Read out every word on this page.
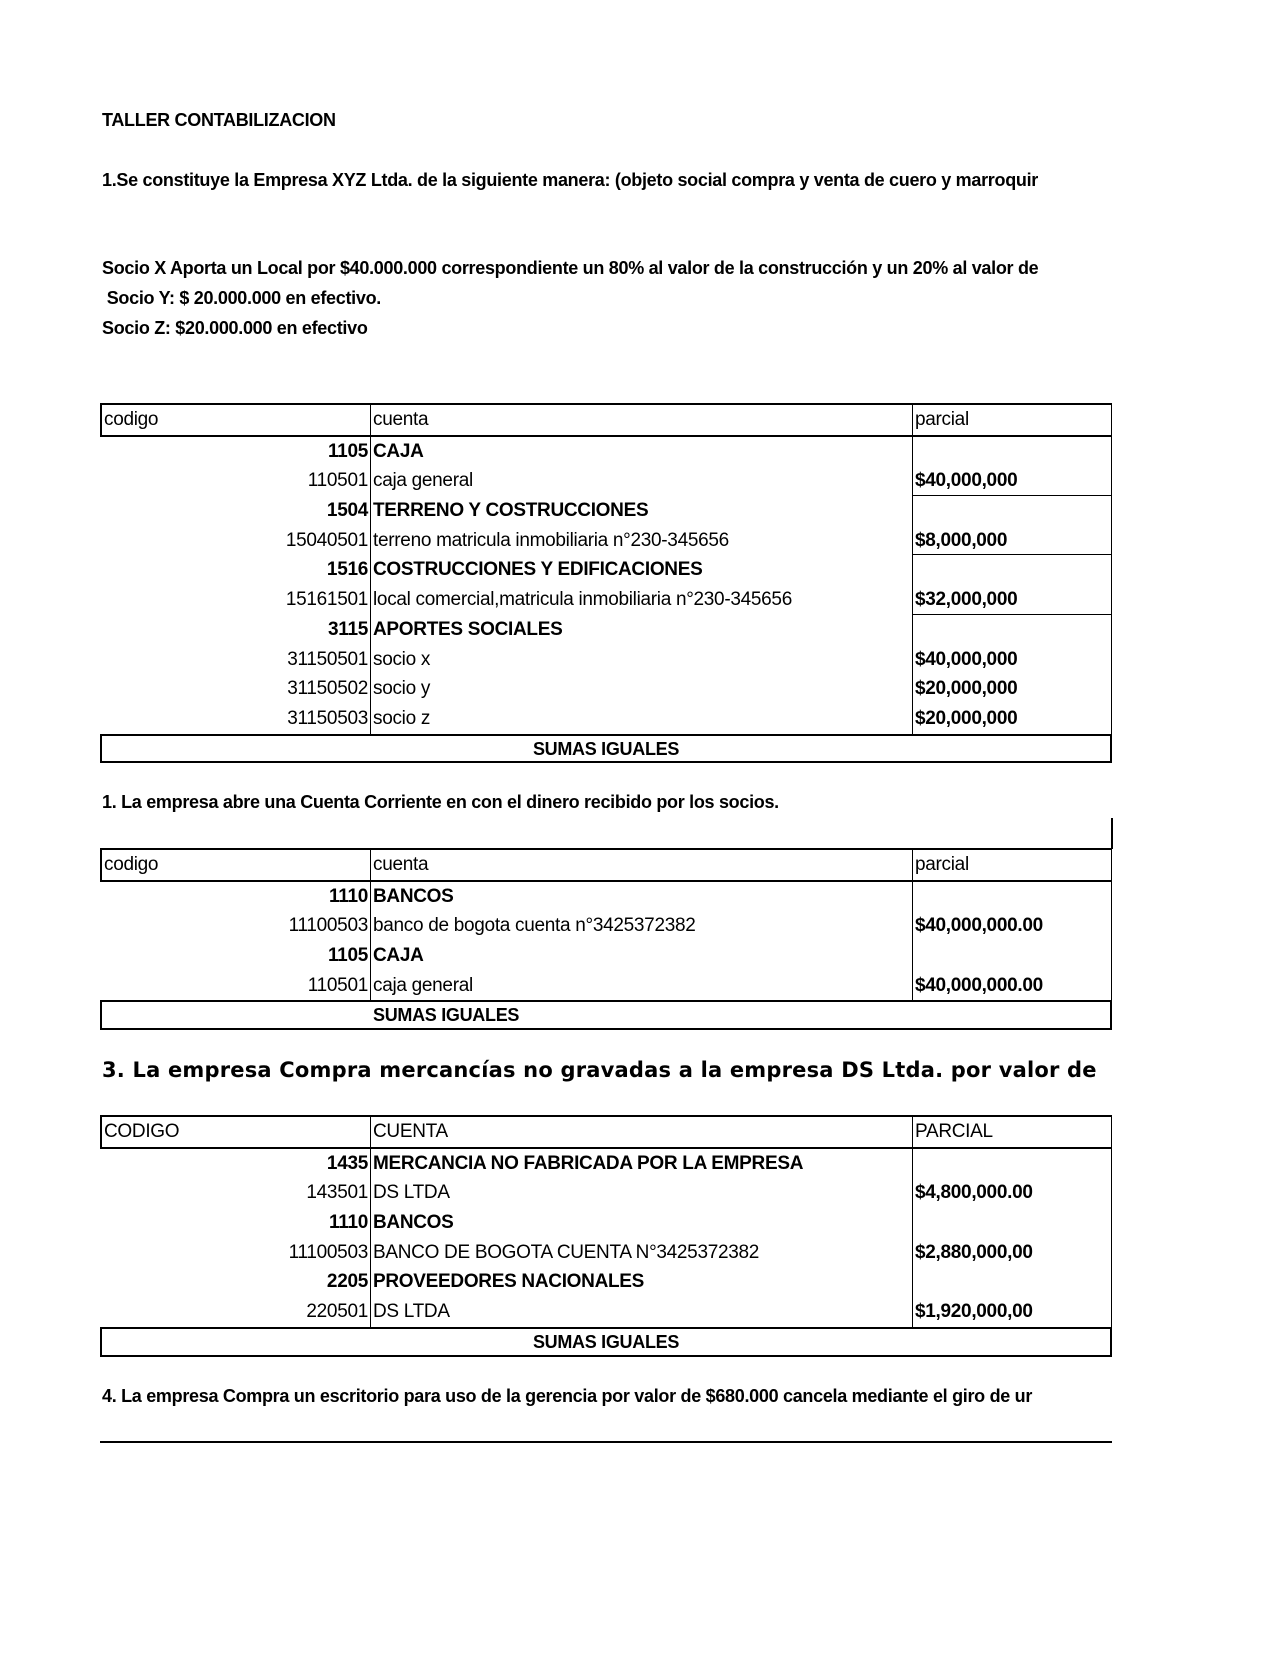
TALLER CONTABILIZACION
1.Se constituye la Empresa XYZ Ltda. de la siguiente manera: (objeto social compra y venta de cuero y marroquir
Socio X Aporta un Local por $40.000.000 correspondiente un 80% al valor de la construcción y un 20% al valor de
Socio Y: $ 20.000.000 en efectivo.
Socio Z: $20.000.000 en efectivo
codigo	cuenta	parcial
1105 CAJA
110501 caja general	$40,000,000
1504 TERRENO Y COSTRUCCIONES
15040501 terreno matricula inmobiliaria n°230-345656	$8,000,000
1516 COSTRUCCIONES Y EDIFICACIONES
15161501 local comercial,matricula inmobiliaria n°230-345656	$32,000,000
3115 APORTES SOCIALES
31150501 socio x	$40,000,000
31150502 socio y	$20,000,000
31150503 socio z	$20,000,000
SUMAS IGUALES
1. La empresa abre una Cuenta Corriente en con el dinero recibido por los socios.
codigo	cuenta	parcial
1110 BANCOS
11100503 banco de bogota cuenta n°3425372382	$40,000,000.00
1105 CAJA
110501 caja general	$40,000,000.00
SUMAS IGUALES
3. La empresa Compra mercancías no gravadas a la empresa DS Ltda. por valor de
CODIGO	CUENTA	PARCIAL
1435 MERCANCIA NO FABRICADA POR LA EMPRESA
143501 DS LTDA	$4,800,000.00
1110 BANCOS
11100503 BANCO DE BOGOTA CUENTA N°3425372382	$2,880,000,00
2205 PROVEEDORES NACIONALES
220501 DS LTDA	$1,920,000,00
SUMAS IGUALES
4. La empresa Compra un escritorio para uso de la gerencia por valor de $680.000 cancela mediante el giro de ur
